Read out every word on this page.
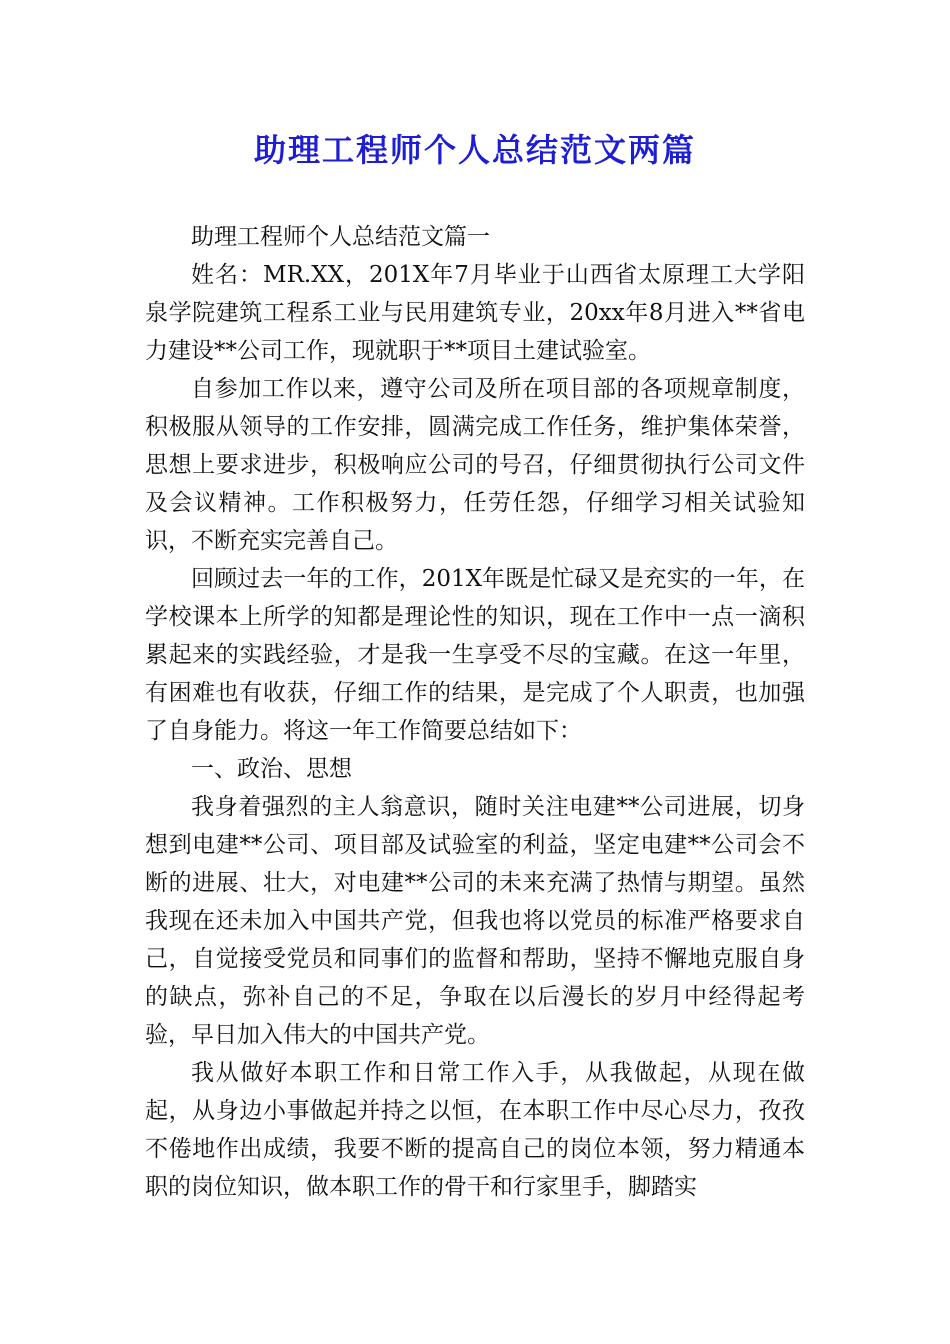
助理工程师个人总结范文两篇

助理工程师个人总结范文篇一

姓名：MR.XX，201X年7月毕业于山西省太原理工大学阳泉学院建筑工程系工业与民用建筑专业，20xx年8月进入**省电力建设**公司工作，现就职于**项目土建试验室。

自参加工作以来，遵守公司及所在项目部的各项规章制度，积极服从领导的工作安排，圆满完成工作任务，维护集体荣誉，思想上要求进步，积极响应公司的号召，仔细贯彻执行公司文件及会议精神。工作积极努力，任劳任怨，仔细学习相关试验知识，不断充实完善自己。

回顾过去一年的工作，201X年既是忙碌又是充实的一年，在学校课本上所学的知都是理论性的知识，现在工作中一点一滴积累起来的实践经验，才是我一生享受不尽的宝藏。在这一年里，有困难也有收获，仔细工作的结果，是完成了个人职责，也加强了自身能力。将这一年工作简要总结如下：

一、政治、思想

我身着强烈的主人翁意识，随时关注电建**公司进展，切身想到电建**公司、项目部及试验室的利益，坚定电建**公司会不断的进展、壮大，对电建**公司的未来充满了热情与期望。虽然我现在还未加入中国共产党，但我也将以党员的标准严格要求自己，自觉接受党员和同事们的监督和帮助，坚持不懈地克服自身的缺点，弥补自己的不足，争取在以后漫长的岁月中经得起考验，早日加入伟大的中国共产党。

我从做好本职工作和日常工作入手，从我做起，从现在做起，从身边小事做起并持之以恒，在本职工作中尽心尽力，孜孜不倦地作出成绩，我要不断的提高自己的岗位本领，努力精通本职的岗位知识，做本职工作的骨干和行家里手，脚踏实
